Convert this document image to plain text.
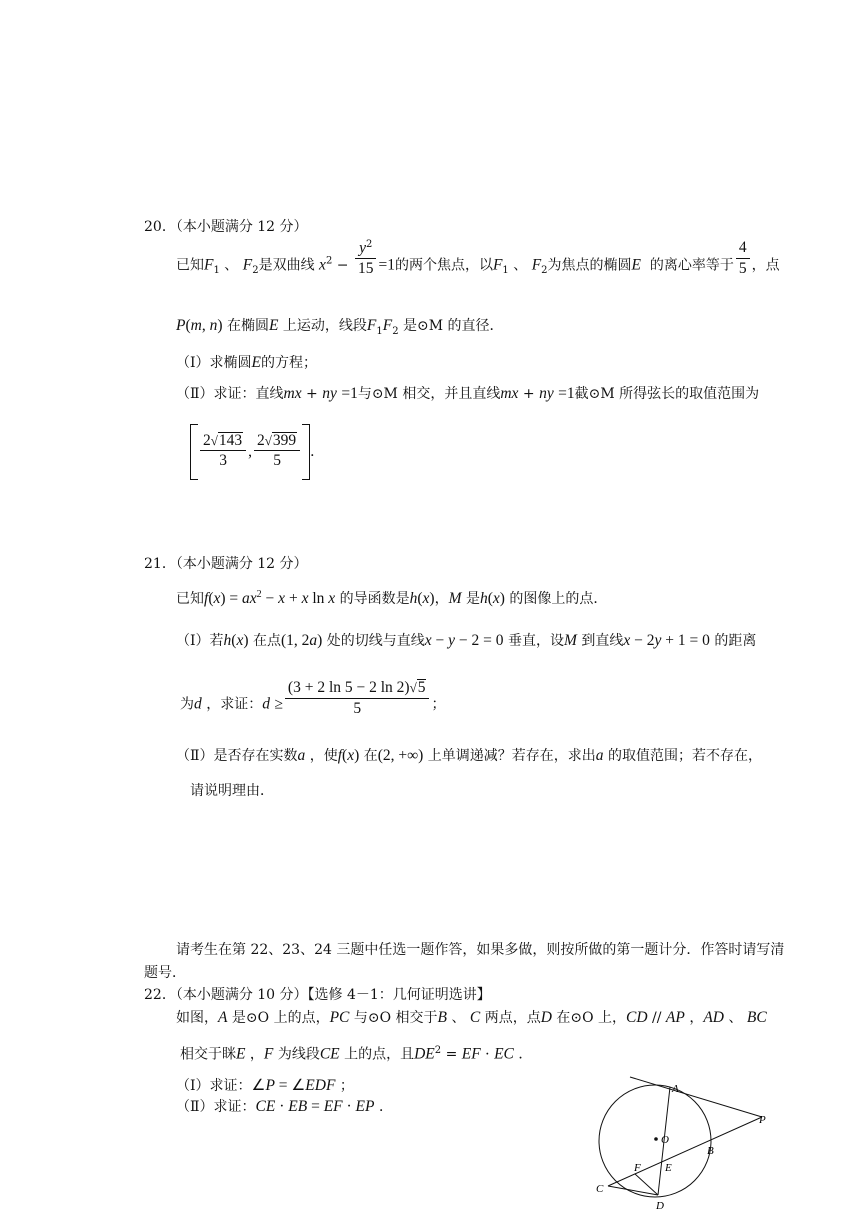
20．（本小题满分 12 分）
已知$F_1$ 、 $F_2$是双曲线 $x^2 - \frac{y^2}{15} =1$的两个焦点，以$F_1$ 、 $F_2$为焦点的椭圆E 的离心率等于 $\frac{4}{5}$ ，点
P(m, n) 在椭圆E 上运动，线段$F_1F_2$ 是⊙M 的直径．
（Ⅰ）求椭圆E的方程；
（Ⅱ）求证：直线mx + ny =1与⊙M 相交，并且直线mx + ny =1截⊙M 所得弦长的取值范围为
$\frac{2√143}{3}$ , $\frac{2√399}{5}$ ．
21．（本小题满分 12 分）
已知$f(x) = ax^2 - x + x$ ln x 的导函数是h(x)，M 是h(x) 的图像上的点．
（Ⅰ）若h(x) 在点(1, 2a) 处的切线与直线x − y − 2 = 0 垂直，设M 到直线x − 2y + 1 = 0 的距离
为d ，求证：$d \ge \frac{(3 + 2 \ln 5 - 2 \ln 2)√5}{5}$ ；
（Ⅱ）是否存在实数a ，使f(x) 在(2, +∞) 上单调递减？若存在，求出a 的取值范围；若不存在，
请说明理由．
请考生在第 22、23、24 三题中任选一题作答，如果多做，则按所做的第一题计分．作答时请写清
题号．
22．（本小题满分 10 分）【选修 4－1：几何证明选讲】
如图，A 是⊙O 上的点，PC 与⊙O 相交于B 、 C 两点，点D 在⊙O 上，CD // AP ，AD 、 BC
相交于眯E ，F 为线段CE 上的点，且$DE^2$ = EF · EC ．
（Ⅰ）求证：∠P = ∠EDF ；
（Ⅱ）求证：CE · EB = EF · EP ．
A
P
O
B
F E
C
D
